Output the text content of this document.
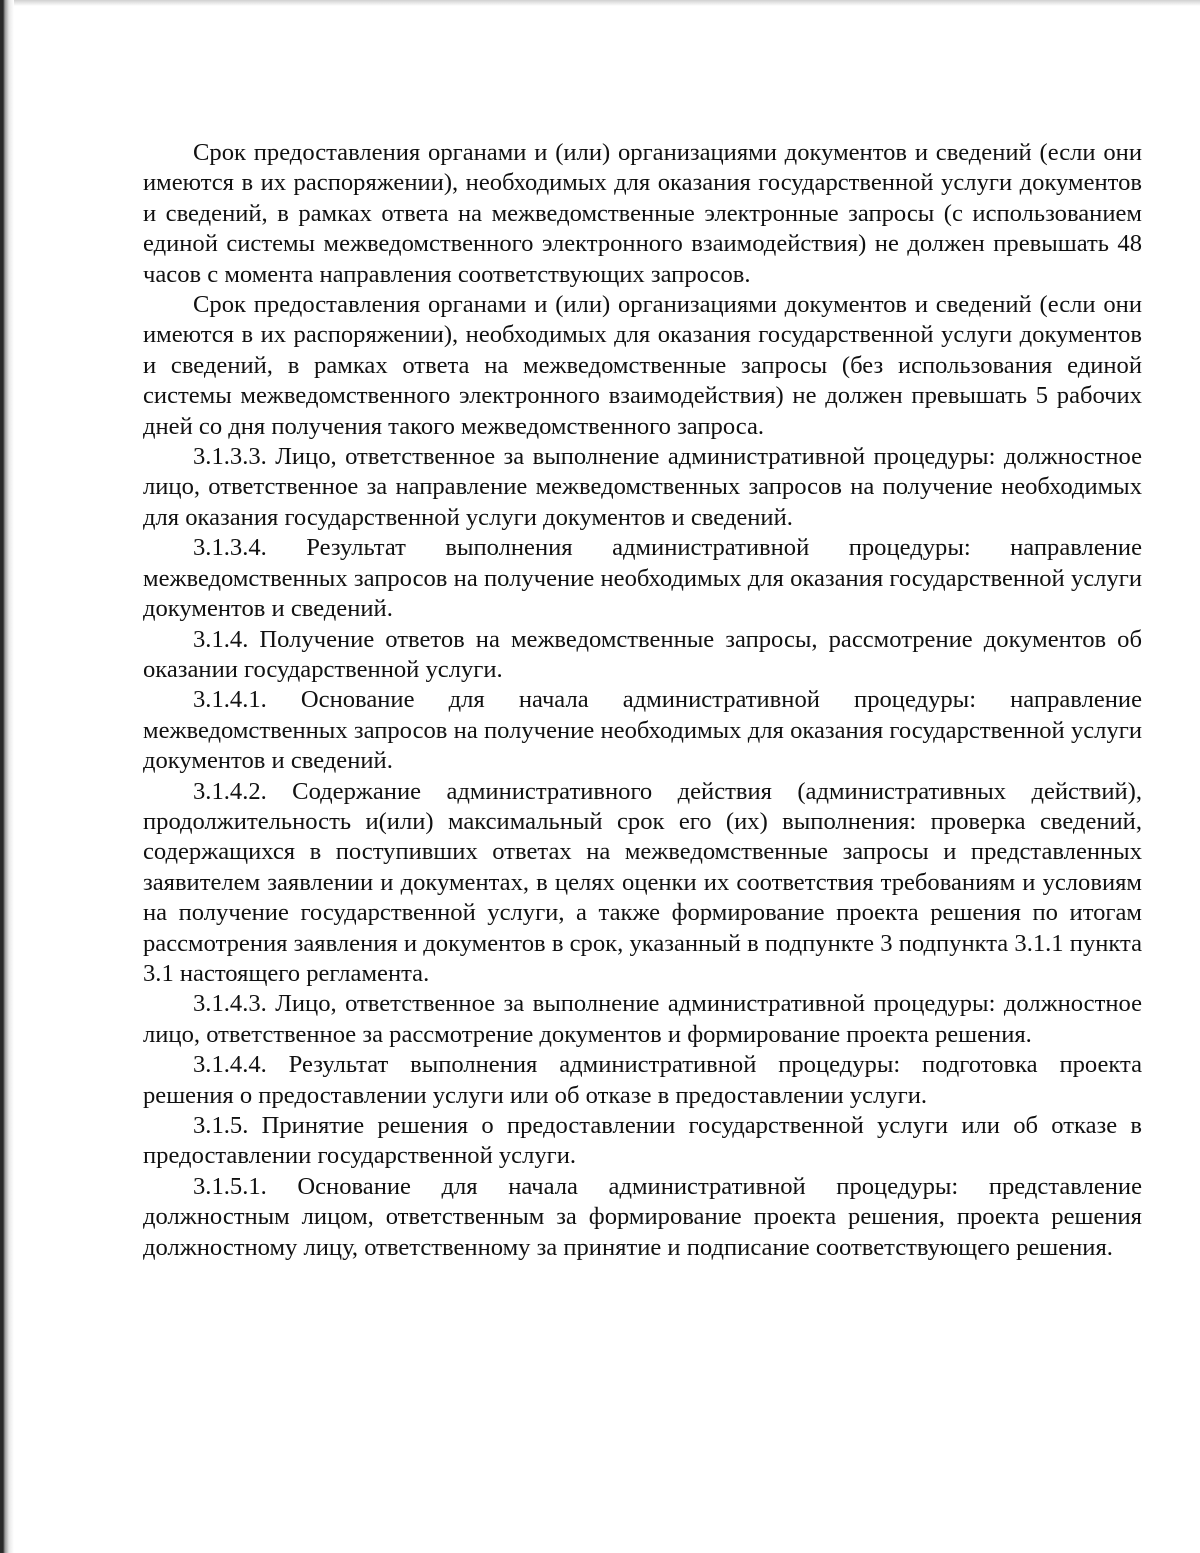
Срок предоставления органами и (или) организациями документов и сведений (если они имеются в их распоряжении), необходимых для оказания государственной услуги документов и сведений, в рамках ответа на межведомственные электронные запросы (с использованием единой системы межведомственного электронного взаимодействия) не должен превышать 48 часов с момента направления соответствующих запросов.

Срок предоставления органами и (или) организациями документов и сведений (если они имеются в их распоряжении), необходимых для оказания государственной услуги документов и сведений, в рамках ответа на межведомственные запросы (без использования единой системы межведомственного электронного взаимодействия) не должен превышать 5 рабочих дней со дня получения такого межведомственного запроса.

3.1.3.3. Лицо, ответственное за выполнение административной процедуры: должностное лицо, ответственное за направление межведомственных запросов на получение необходимых для оказания государственной услуги документов и сведений.

3.1.3.4. Результат выполнения административной процедуры: направление межведомственных запросов на получение необходимых для оказания государственной услуги документов и сведений.

3.1.4. Получение ответов на межведомственные запросы, рассмотрение документов об оказании государственной услуги.

3.1.4.1. Основание для начала административной процедуры: направление межведомственных запросов на получение необходимых для оказания государственной услуги документов и сведений.

3.1.4.2. Содержание административного действия (административных действий), продолжительность и(или) максимальный срок его (их) выполнения: проверка сведений, содержащихся в поступивших ответах на межведомственные запросы и представленных заявителем заявлении и документах, в целях оценки их соответствия требованиям и условиям на получение государственной услуги, а также формирование проекта решения по итогам рассмотрения заявления и документов в срок, указанный в подпункте 3 подпункта 3.1.1 пункта 3.1 настоящего регламента.

3.1.4.3. Лицо, ответственное за выполнение административной процедуры: должностное лицо, ответственное за рассмотрение документов и формирование проекта решения.

3.1.4.4. Результат выполнения административной процедуры: подготовка проекта решения о предоставлении услуги или об отказе в предоставлении услуги.

3.1.5. Принятие решения о предоставлении государственной услуги или об отказе в предоставлении государственной услуги.

3.1.5.1. Основание для начала административной процедуры: представление должностным лицом, ответственным за формирование проекта решения, проекта решения должностному лицу, ответственному за принятие и подписание соответствующего решения.
